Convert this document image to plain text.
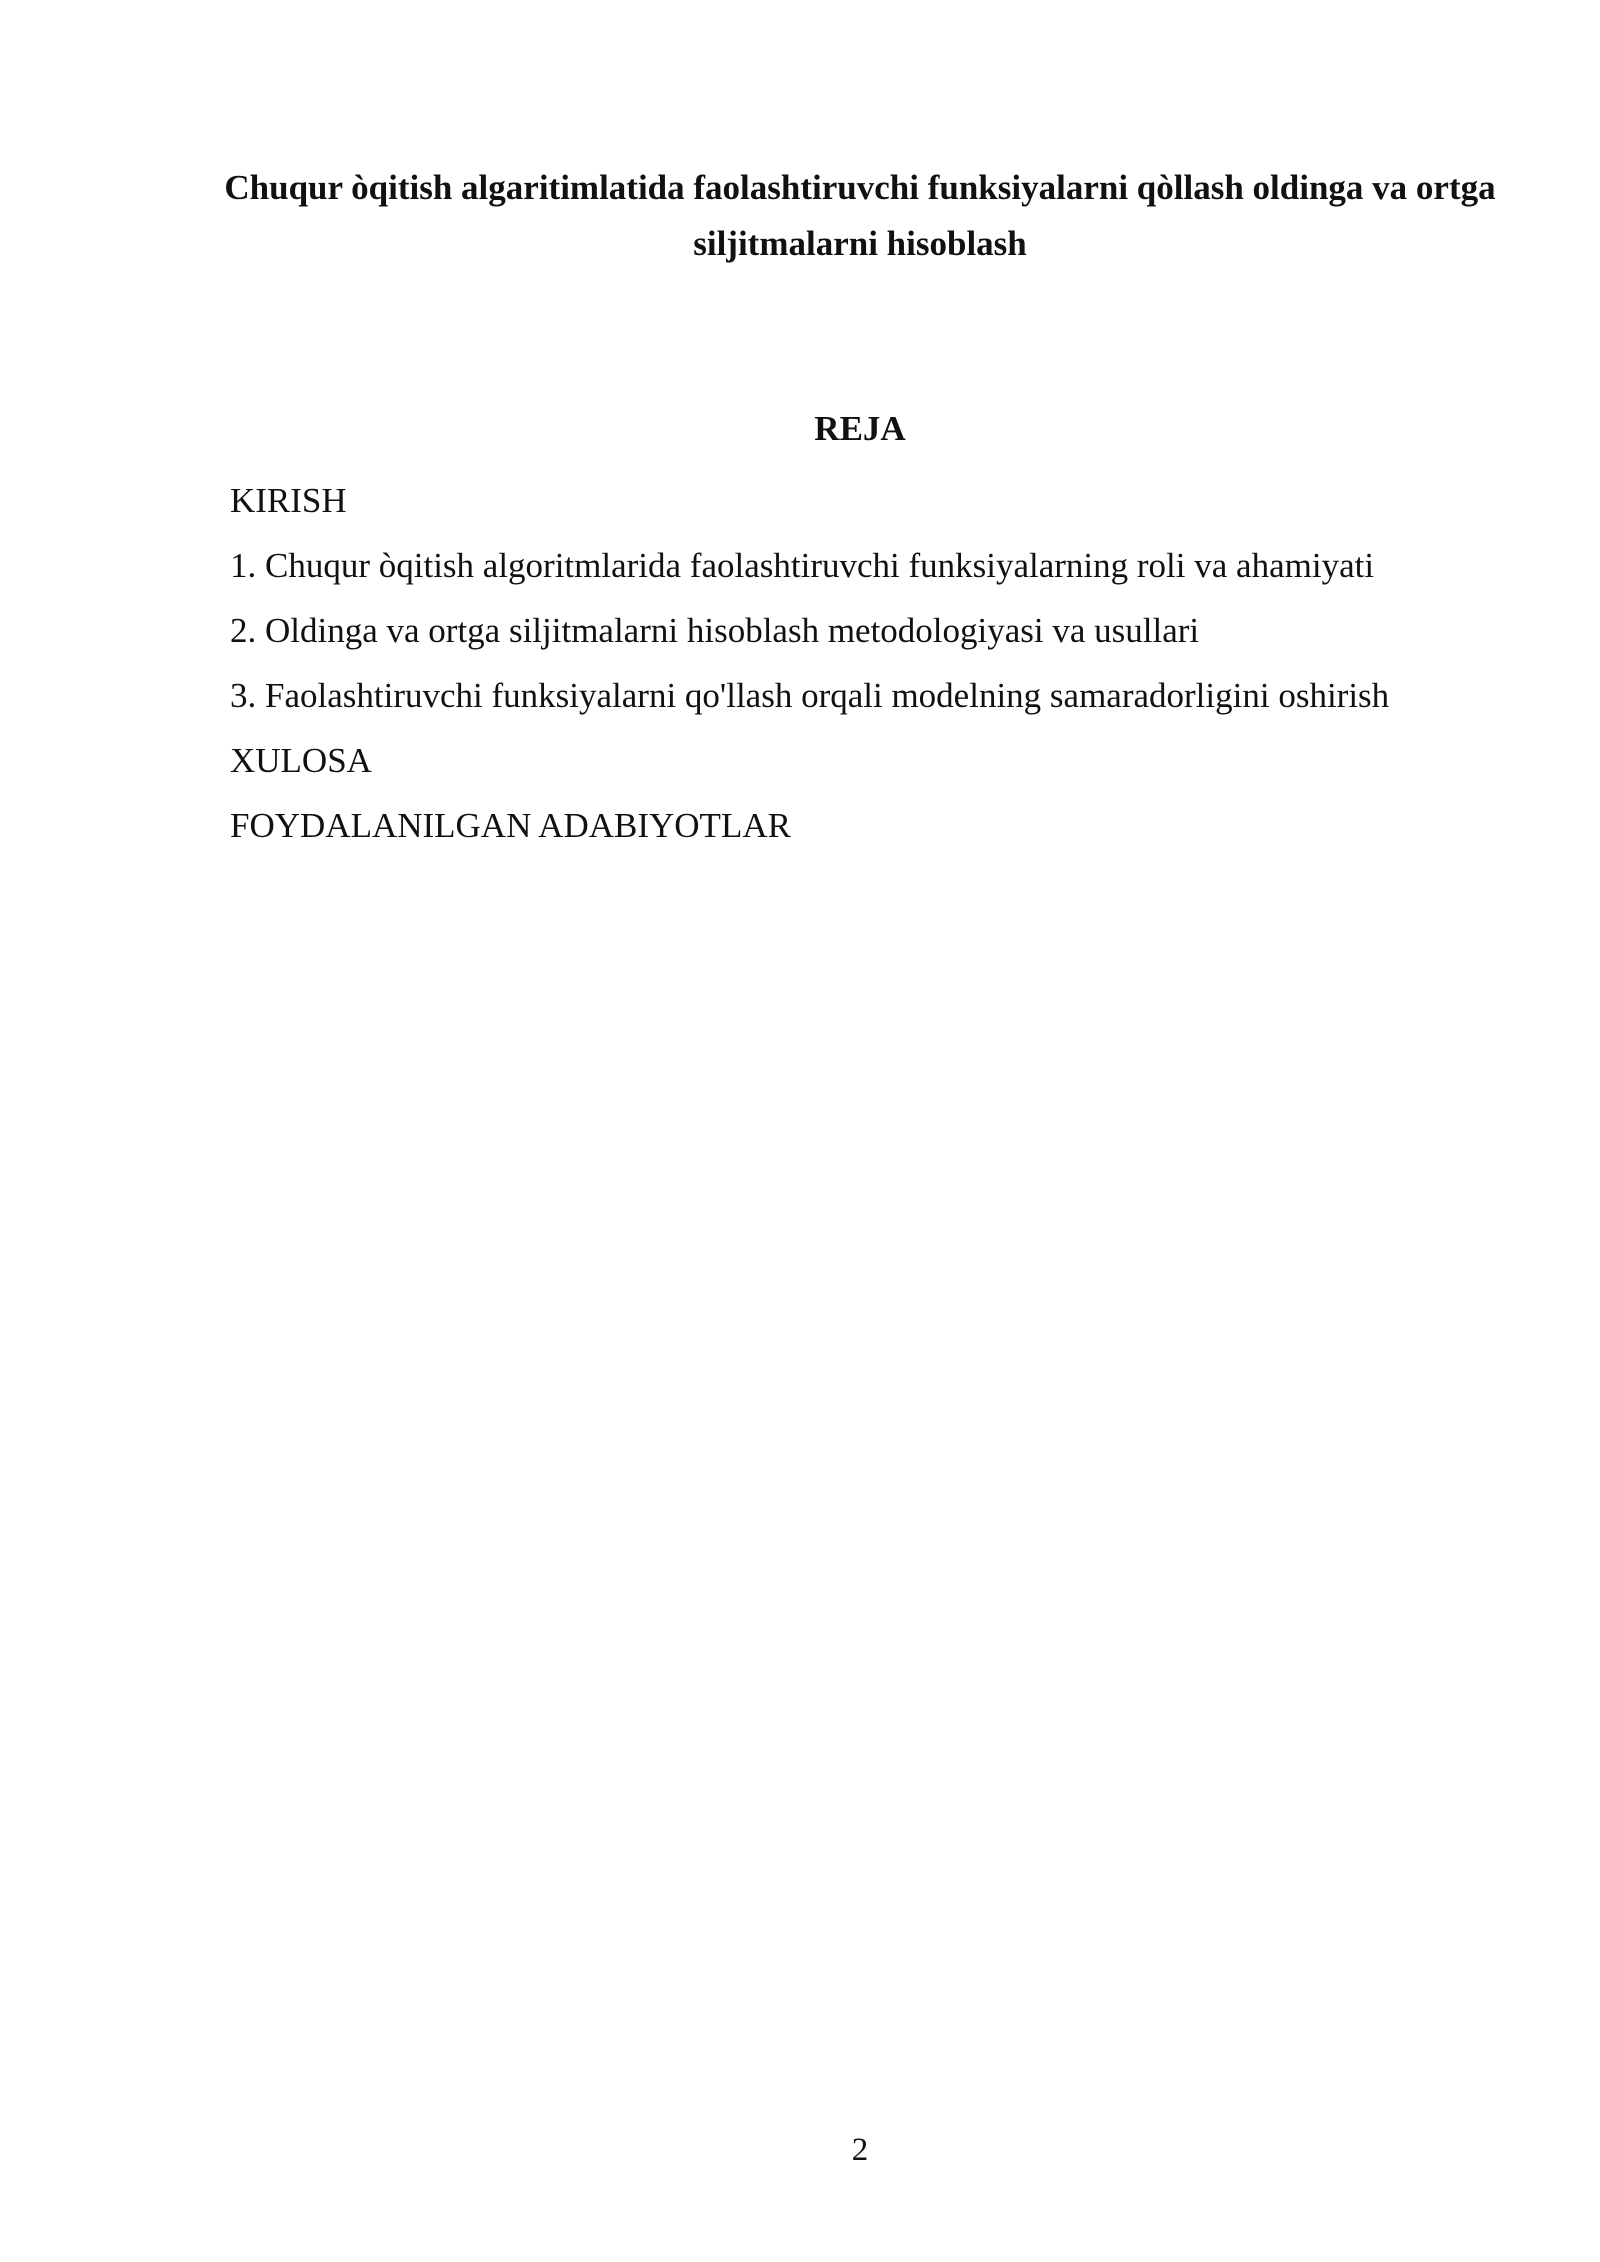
Chuqur òqitish algaritimlatida faolashtiruvchi funksiyalarni qòllash oldinga va ortga siljitmalarni hisoblash
REJA
KIRISH
1. Chuqur òqitish algoritmlarida faolashtiruvchi funksiyalarning roli va ahamiyati
2. Oldinga va ortga siljitmalarni hisoblash metodologiyasi va usullari
3. Faolashtiruvchi funksiyalarni qo'llash orqali modelning samaradorligini oshirish
XULOSA
FOYDALANILGAN ADABIYOTLAR
2
